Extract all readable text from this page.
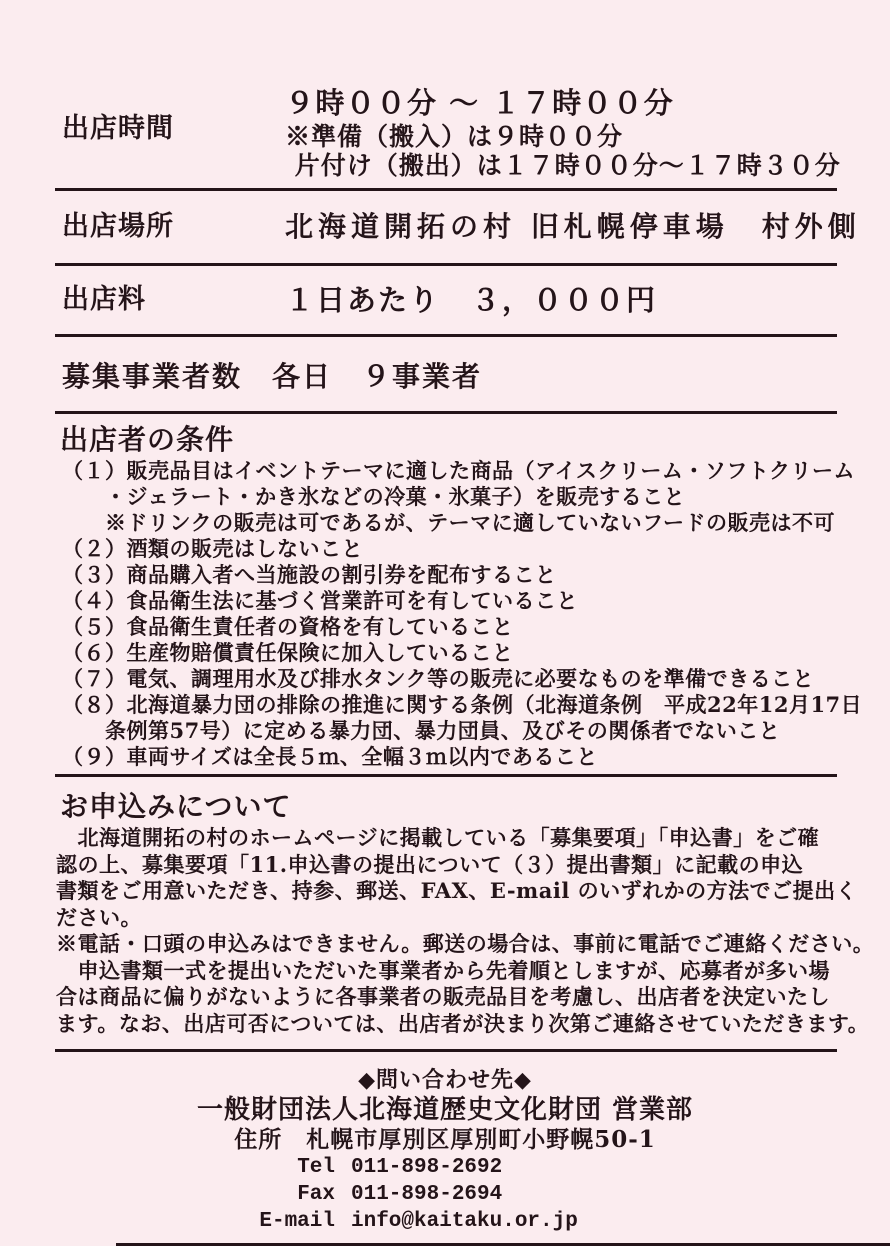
出店時間
９時００分 ～ １７時００分
※準備（搬入）は９時００分
片付け（搬出）は１７時００分～１７時３０分
出店場所	北海道開拓の村 旧札幌停車場　村外側
出店料	１日あたり　３，０００円
募集事業者数　各日　９事業者
出店者の条件
（１）販売品目はイベントテーマに適した商品（アイスクリーム・ソフトクリーム
　　・ジェラート・かき氷などの冷菓・氷菓子）を販売すること
　　※ドリンクの販売は可であるが、テーマに適していないフードの販売は不可
（２）酒類の販売はしないこと
（３）商品購入者へ当施設の割引券を配布すること
（４）食品衛生法に基づく営業許可を有していること
（５）食品衛生責任者の資格を有していること
（６）生産物賠償責任保険に加入していること
（７）電気、調理用水及び排水タンク等の販売に必要なものを準備できること
（８）北海道暴力団の排除の推進に関する条例（北海道条例　平成22年12月17日
　　条例第57号）に定める暴力団、暴力団員、及びその関係者でないこと
（９）車両サイズは全長５ｍ、全幅３ｍ以内であること
お申込みについて
　北海道開拓の村のホームページに掲載している「募集要項」「申込書」をご確
認の上、募集要項「11.申込書の提出について（３）提出書類」に記載の申込
書類をご用意いただき、持参、郵送、FAX、E-mail のいずれかの方法でご提出く
ださい。
※電話・口頭の申込みはできません。郵送の場合は、事前に電話でご連絡ください。
　申込書類一式を提出いただいた事業者から先着順としますが、応募者が多い場
合は商品に偏りがないように各事業者の販売品目を考慮し、出店者を決定いたし
ます。なお、出店可否については、出店者が決まり次第ご連絡させていただきます。
◆問い合わせ先◆
一般財団法人北海道歴史文化財団 営業部
住所　札幌市厚別区厚別町小野幌50-1
Tel 011-898-2692
Fax 011-898-2694
E-mail info@kaitaku.or.jp
